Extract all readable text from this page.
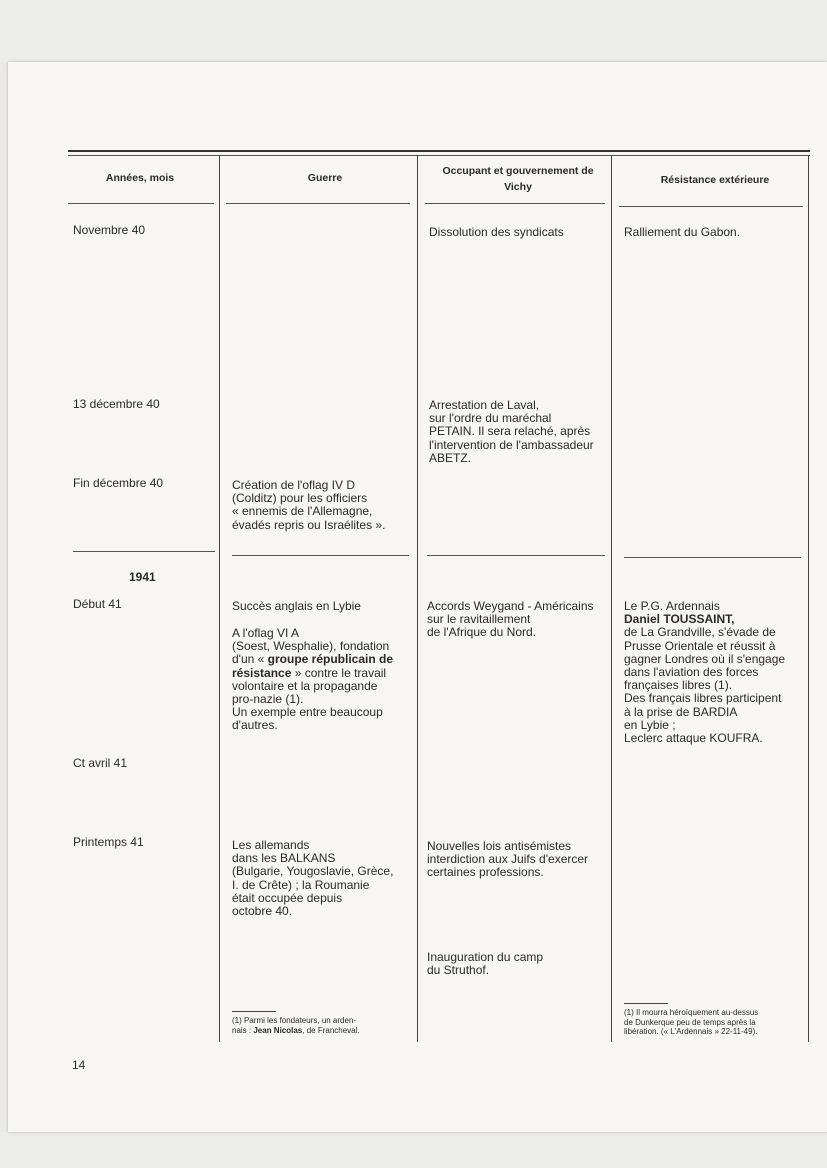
Années, mois	Guerre
Occupant et gouvernement de Vichy
Résistance extérieure
Novembre 40
13 décembre 40
Fin décembre 40
1941
Début 41
Ct avril 41
Printemps 41
Création de l'oflag IV D
(Colditz) pour les officiers
« ennemis de l'Allemagne,
évadés repris ou Israélites ».
Succès anglais en Lybie
A l'oflag VI A
(Soest, Wesphalie), fondation
d'un « groupe républicain de
résistance » contre le travail
volontaire et la propagande
pro-nazie (1).
Un exemple entre beaucoup
d'autres.
Les allemands
dans les BALKANS
(Bulgarie, Yougoslavie, Grèce,
I. de Crête) ; la Roumanie
était occupée depuis
octobre 40.
Dissolution des syndicats
Arrestation de Laval,
sur l'ordre du maréchal
PETAIN. Il sera relaché, après
l'intervention de l'ambassadeur
ABETZ.
Accords Weygand - Américains
sur le ravitaillement
de l'Afrique du Nord.
Nouvelles lois antisémistes
interdiction aux Juifs d'exercer
certaines professions.
Inauguration du camp
du Struthof.
Ralliement du Gabon.
Le P.G. Ardennais
Daniel TOUSSAINT,
de La Grandville, s'évade de
Prusse Orientale et réussit à
gagner Londres où il s'engage
dans l'aviation des forces
françaises libres (1).
Des français libres participent
à la prise de BARDIA
en Lybie ;
Leclerc attaque KOUFRA.
(1) Parmi les fondateurs, un arden-
nais : Jean Nicolas, de Francheval.
(1) Il mourra héroïquement au-dessus
de Dunkerque peu de temps après la
libération. (« L'Ardennais » 22-11-49).
14
